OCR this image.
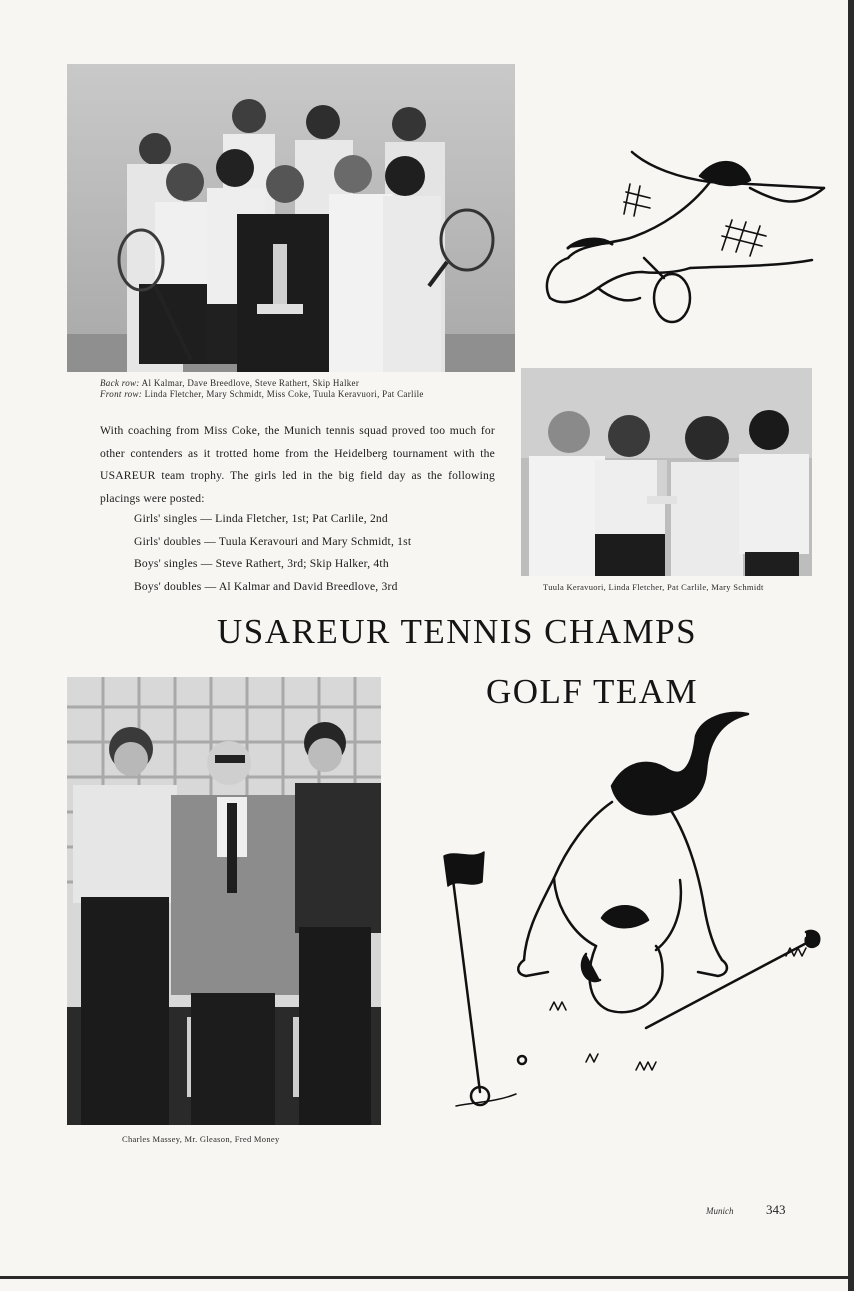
Back row: Al Kalmar, Dave Breedlove, Steve Rathert, Skip Halker
Front row: Linda Fletcher, Mary Schmidt, Miss Coke, Tuula Keravuori, Pat Carlile
Tuula Keravuori, Linda Fletcher, Pat Carlile, Mary Schmidt
With coaching from Miss Coke, the Munich tennis squad proved too much for other contenders as it trotted home from the Heidelberg tournament with the USAREUR team trophy. The girls led in the big field day as the following placings were posted:
Girls' singles — Linda Fletcher, 1st; Pat Carlile, 2nd
Girls' doubles — Tuula Keravouri and Mary Schmidt, 1st
Boys' singles — Steve Rathert, 3rd; Skip Halker, 4th
Boys' doubles — Al Kalmar and David Breedlove, 3rd
USAREUR TENNIS CHAMPS
GOLF TEAM
Charles Massey, Mr. Gleason, Fred Money
Munich	343
